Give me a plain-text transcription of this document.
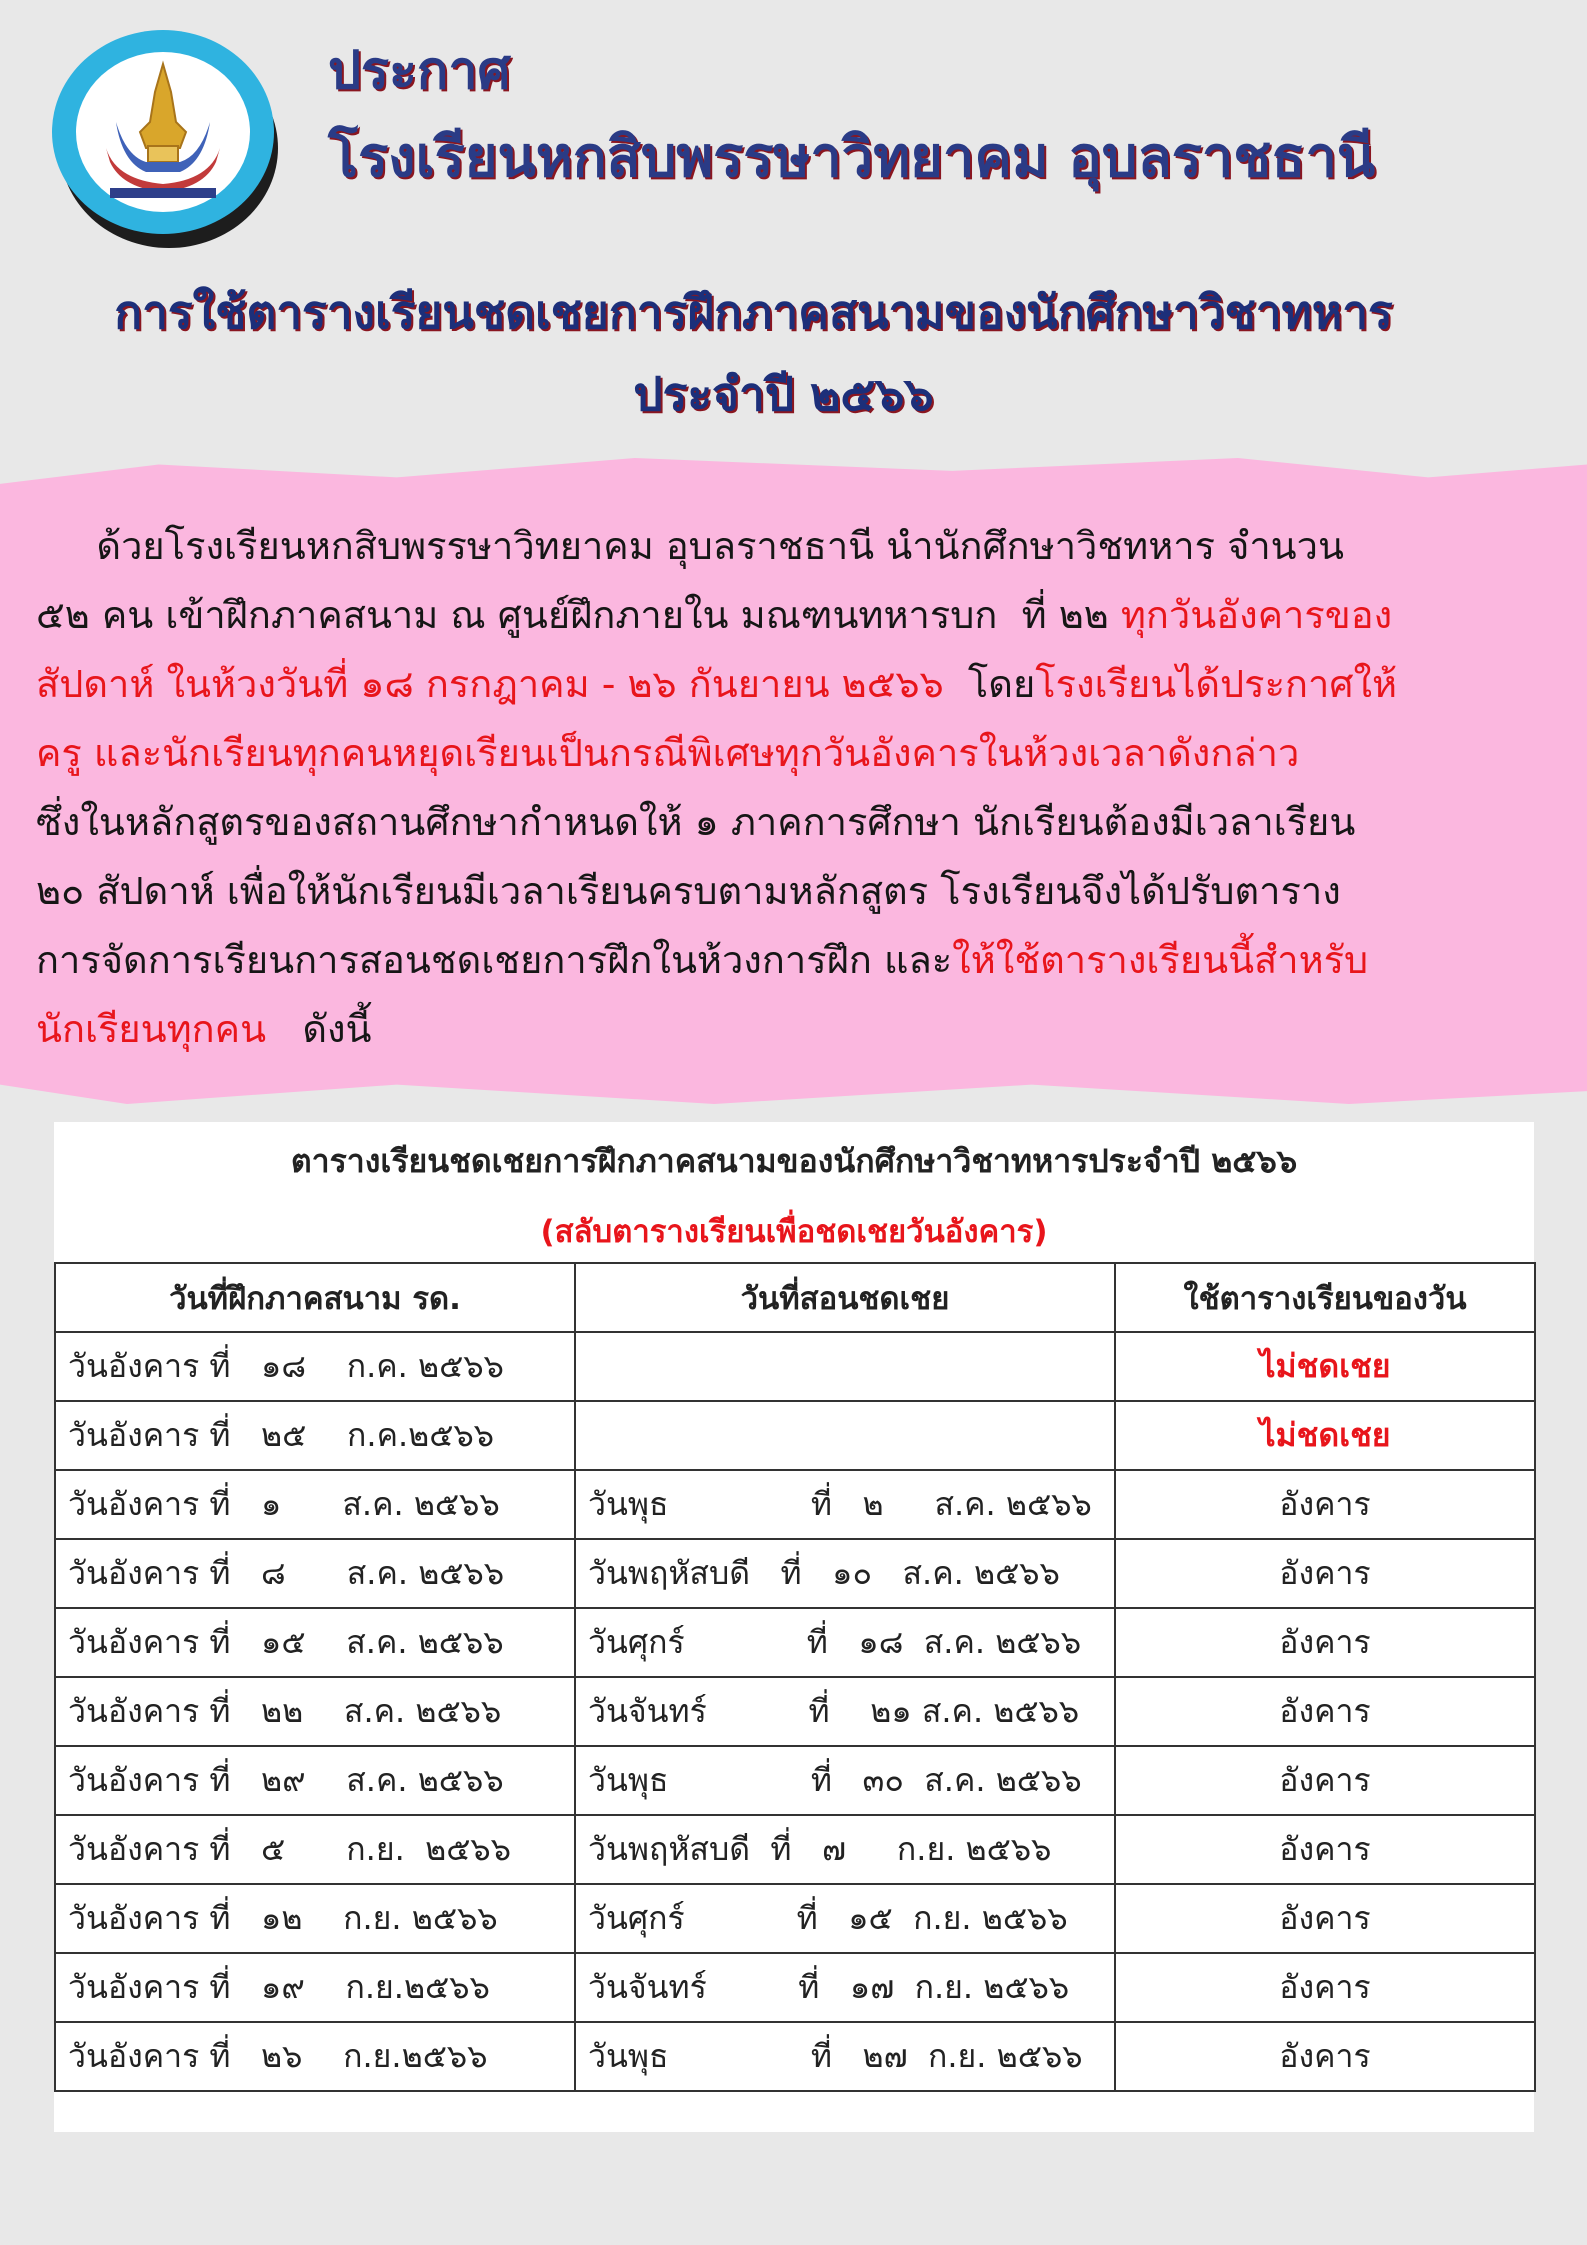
ประกาศ
โรงเรียนหกสิบพรรษาวิทยาคม อุบลราชธานี
การใช้ตารางเรียนชดเชยการฝึกภาคสนามของนักศึกษาวิชาทหาร
ประจำปี ๒๕๖๖

ด้วยโรงเรียนหกสิบพรรษาวิทยาคม อุบลราชธานี นำนักศึกษาวิชทหาร จำนวน

๕๒ คน เข้าฝึกภาคสนาม ณ ศูนย์ฝึกภายใน มณฑนทหารบก  ที่ ๒๒ ทุกวันอังคารของ

สัปดาห์ ในห้วงวันที่ ๑๘ กรกฎาคม - ๒๖ กันยายน ๒๕๖๖  โดยโรงเรียนได้ประกาศให้

ครู และนักเรียนทุกคนหยุดเรียนเป็นกรณีพิเศษทุกวันอังคารในห้วงเวลาดังกล่าว

ซึ่งในหลักสูตรของสถานศึกษากำหนดให้ ๑ ภาคการศึกษา นักเรียนต้องมีเวลาเรียน

๒๐ สัปดาห์ เพื่อให้นักเรียนมีเวลาเรียนครบตามหลักสูตร โรงเรียนจึงได้ปรับตาราง

การจัดการเรียนการสอนชดเชยการฝึกในห้วงการฝึก และให้ใช้ตารางเรียนนี้สำหรับ

นักเรียนทุกคน   ดังนี้

ตารางเรียนชดเชยการฝึกภาคสนามของนักศึกษาวิชาทหารประจำปี ๒๕๖๖
(สลับตารางเรียนเพื่อชดเชยวันอังคาร)
วันที่ฝึกภาคสนาม รด.	วันที่สอนชดเชย	ใช้ตารางเรียนของวัน
วันอังคาร ที่   ๑๘    ก.ค. ๒๕๖๖		ไม่ชดเชย
วันอังคาร ที่   ๒๕    ก.ค.๒๕๖๖		ไม่ชดเชย
วันอังคาร ที่   ๑      ส.ค. ๒๕๖๖	วันพุธ              ที่   ๒     ส.ค. ๒๕๖๖	อังคาร
วันอังคาร ที่   ๘      ส.ค. ๒๕๖๖	วันพฤหัสบดี   ที่   ๑๐   ส.ค. ๒๕๖๖	อังคาร
วันอังคาร ที่   ๑๕    ส.ค. ๒๕๖๖	วันศุกร์            ที่   ๑๘  ส.ค. ๒๕๖๖	อังคาร
วันอังคาร ที่   ๒๒    ส.ค. ๒๕๖๖	วันจันทร์          ที่    ๒๑ ส.ค. ๒๕๖๖	อังคาร
วันอังคาร ที่   ๒๙    ส.ค. ๒๕๖๖	วันพุธ              ที่   ๓๐  ส.ค. ๒๕๖๖	อังคาร
วันอังคาร ที่   ๕      ก.ย.  ๒๕๖๖	วันพฤหัสบดี  ที่   ๗     ก.ย. ๒๕๖๖	อังคาร
วันอังคาร ที่   ๑๒    ก.ย. ๒๕๖๖	วันศุกร์           ที่   ๑๕  ก.ย. ๒๕๖๖	อังคาร
วันอังคาร ที่   ๑๙    ก.ย.๒๕๖๖	วันจันทร์         ที่   ๑๗  ก.ย. ๒๕๖๖	อังคาร
วันอังคาร ที่   ๒๖    ก.ย.๒๕๖๖	วันพุธ              ที่   ๒๗  ก.ย. ๒๕๖๖	อังคาร
